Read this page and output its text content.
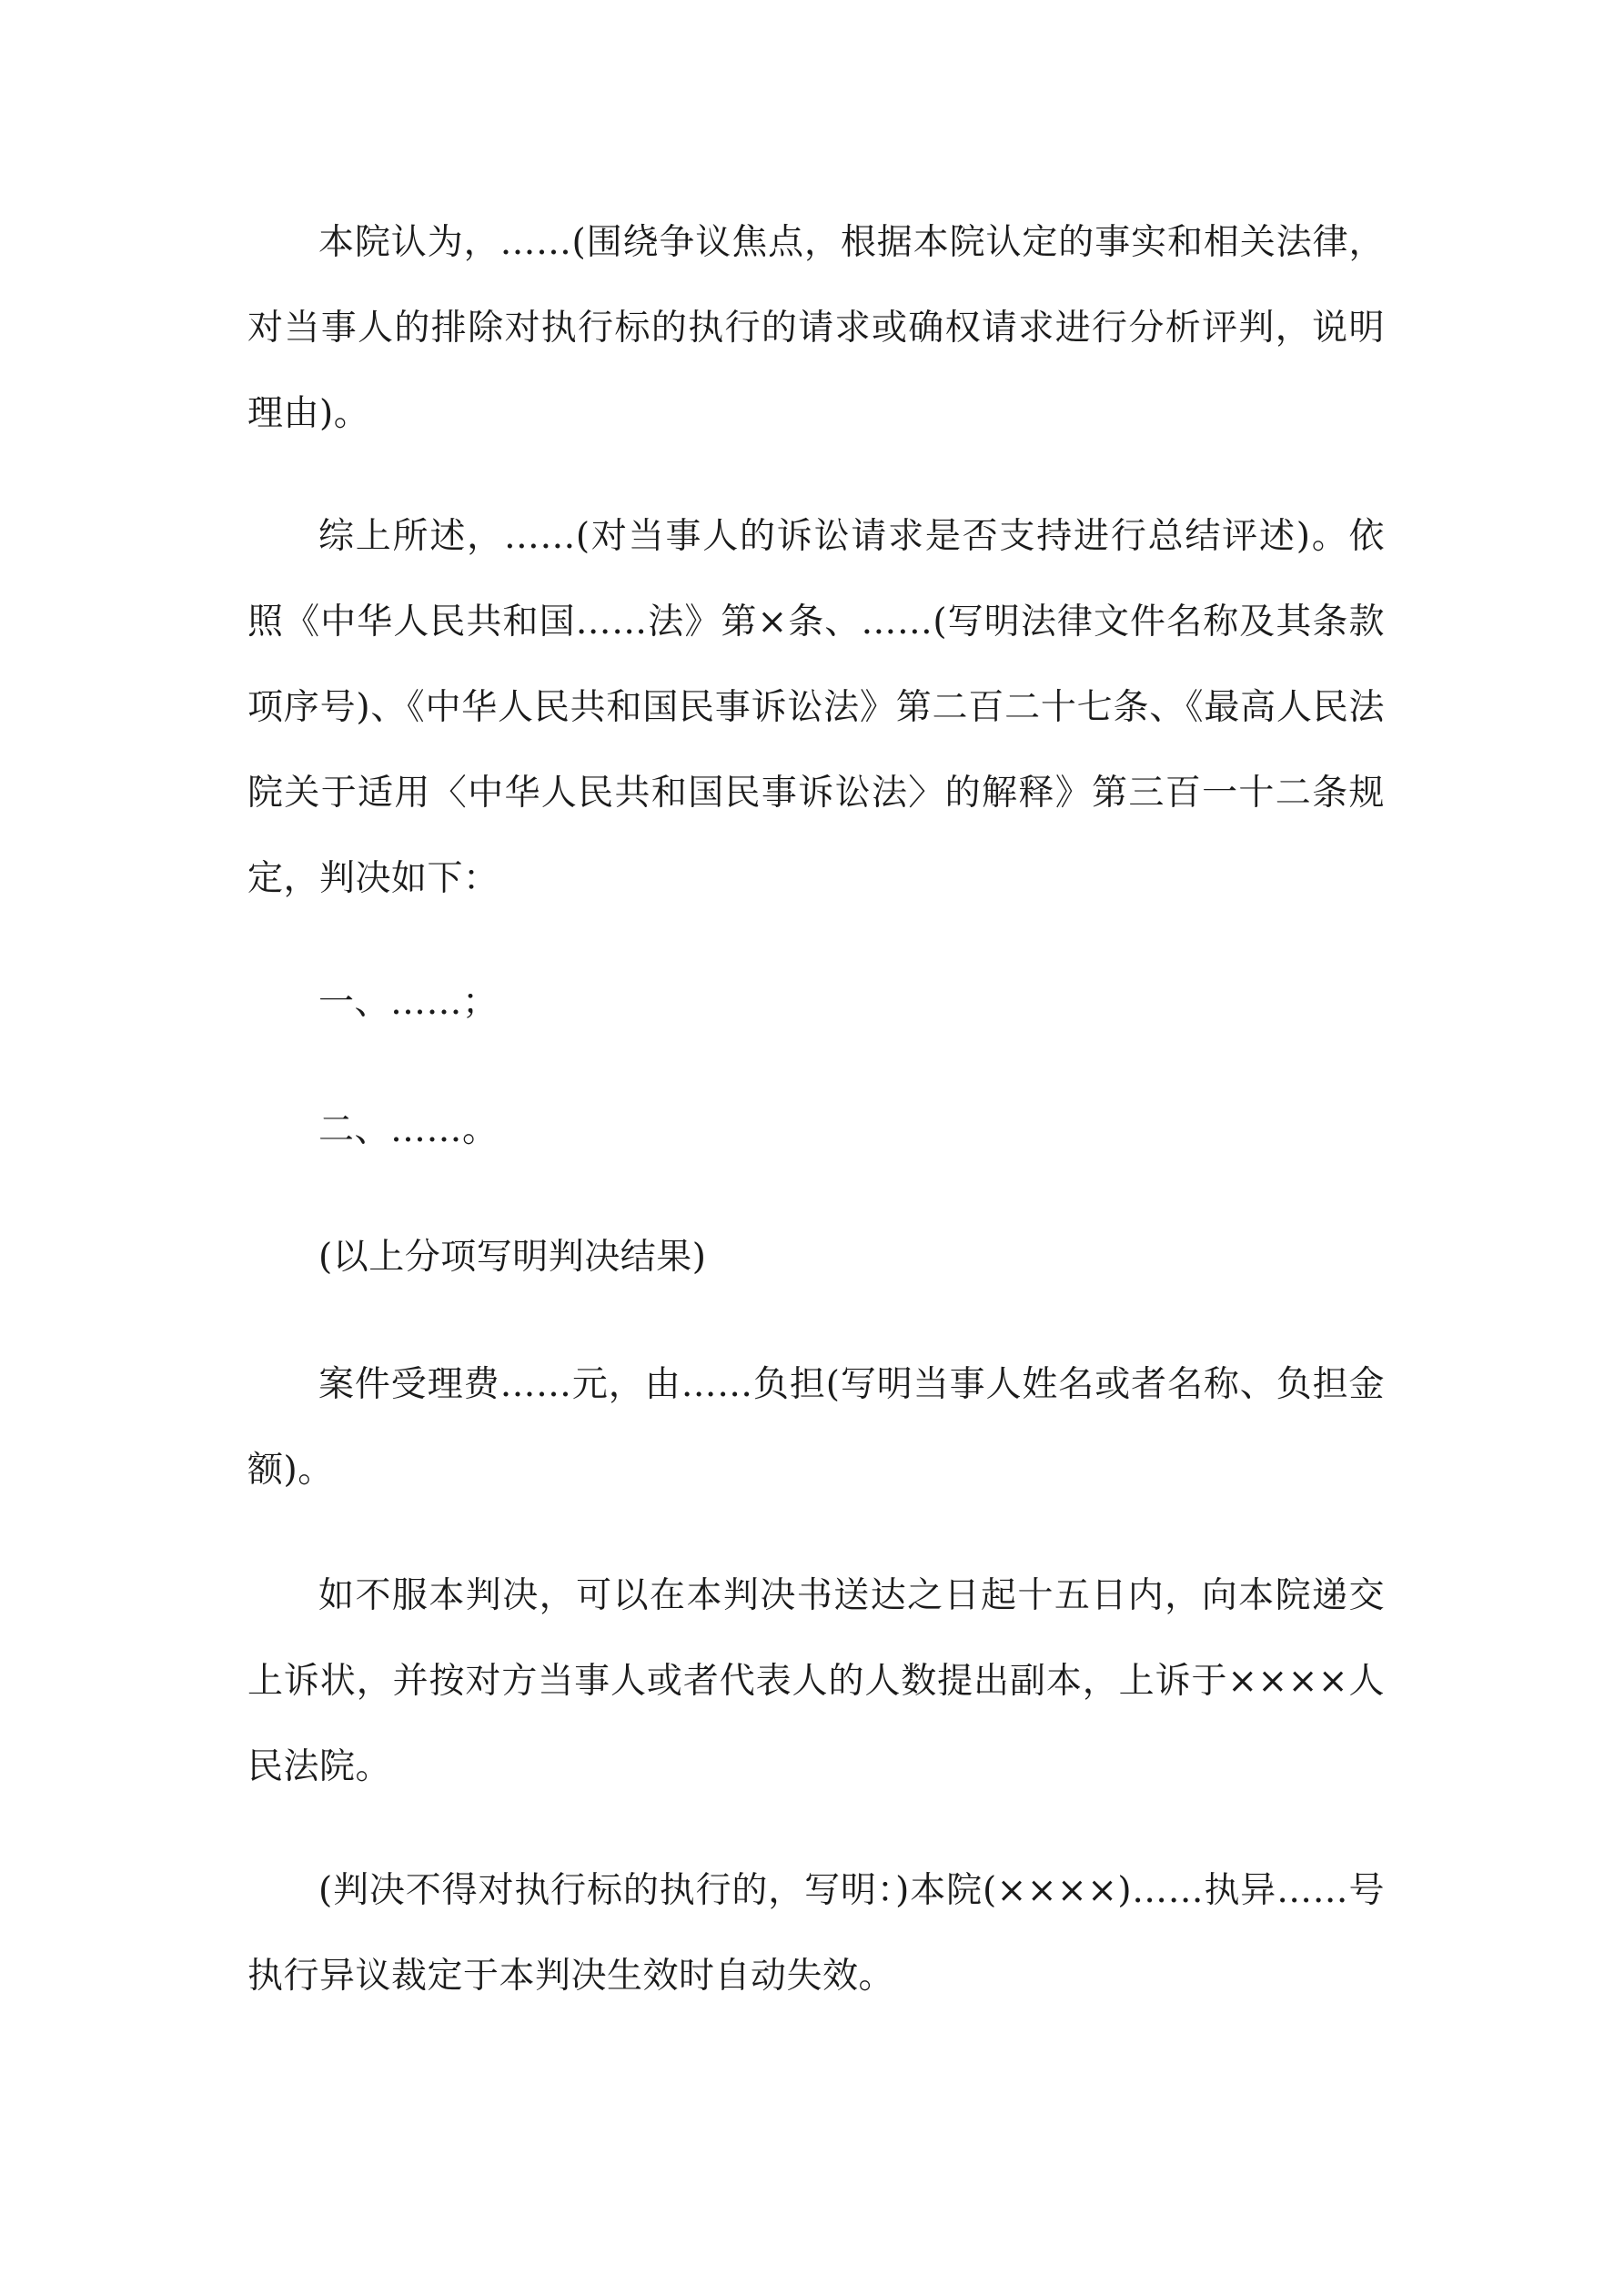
本院认为，……(围绕争议焦点，根据本院认定的事实和相关法律，对当事人的排除对执行标的执行的请求或确权请求进行分析评判，说明理由)。

综上所述，……(对当事人的诉讼请求是否支持进行总结评述)。依照《中华人民共和国……法》第×条、……(写明法律文件名称及其条款项序号)、《中华人民共和国民事诉讼法》第二百二十七条、《最高人民法院关于适用〈中华人民共和国民事诉讼法〉的解释》第三百一十二条规定，判决如下：

一、……；

二、……。

(以上分项写明判决结果)

案件受理费……元，由……负担(写明当事人姓名或者名称、负担金额)。

如不服本判决，可以在本判决书送达之日起十五日内，向本院递交上诉状，并按对方当事人或者代表人的人数提出副本，上诉于××××人民法院。

(判决不得对执行标的执行的，写明：)本院(××××)……执异……号执行异议裁定于本判决生效时自动失效。
